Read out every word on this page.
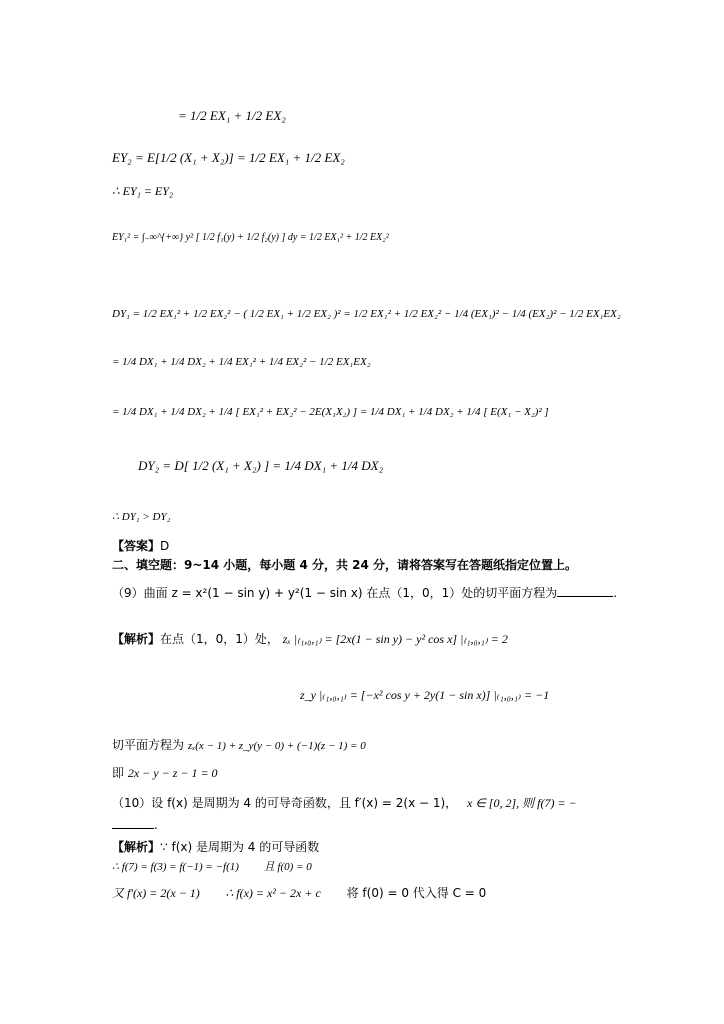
= 1/2 EX₁ + 1/2 EX₂
EY₂ = E[1/2 (X₁ + X₂)] = 1/2 EX₁ + 1/2 EX₂
∴ EY₁ = EY₂
EY₁² = ∫₋∞^{+∞} y² [ 1/2 f₁(y) + 1/2 f₂(y) ] dy = 1/2 EX₁² + 1/2 EX₂²
DY₁ = 1/2 EX₁² + 1/2 EX₂² − ( 1/2 EX₁ + 1/2 EX₂ )² = 1/2 EX₁² + 1/2 EX₂² − 1/4 (EX₁)² − 1/4 (EX₂)² − 1/2 EX₁EX₂
= 1/4 DX₁ + 1/4 DX₂ + 1/4 EX₁² + 1/4 EX₂² − 1/2 EX₁EX₂
= 1/4 DX₁ + 1/4 DX₂ + 1/4 [ EX₁² + EX₂² − 2E(X₁X₂) ] = 1/4 DX₁ + 1/4 DX₂ + 1/4 [ E(X₁ − X₂)² ]
DY₂ = D[ 1/2 (X₁ + X₂) ] = 1/4 DX₁ + 1/4 DX₂
∴ DY₁ > DY₂
【答案】D
二、填空题：9~14 小题，每小题 4 分，共 24 分，请将答案写在答题纸指定位置上。
（9）曲面 z = x²(1 − sin y) + y²(1 − sin x) 在点（1，0，1）处的切平面方程为	.
【解析】在点（1，0，1）处， zₓ |₍₁,₀,₁₎ = [2x(1 − sin y) − y² cos x] |₍₁,₀,₁₎ = 2
z_y |₍₁,₀,₁₎ = [−x² cos y + 2y(1 − sin x)] |₍₁,₀,₁₎ = −1
切平面方程为 zₓ(x − 1) + z_y(y − 0) + (−1)(z − 1) = 0
即 2x − y − z − 1 = 0
（10）设 f(x) 是周期为 4 的可导奇函数，且 f′(x) = 2(x − 1)， x ∈ [0, 2], 则 f(7) = −
.
【解析】∵ f(x) 是周期为 4 的可导函数
∴ f(7) = f(3) = f(−1) = −f(1) 且 f(0) = 0
又 f′(x) = 2(x − 1) ∴ f(x) = x² − 2x + c 将 f(0) = 0 代入得 C = 0
